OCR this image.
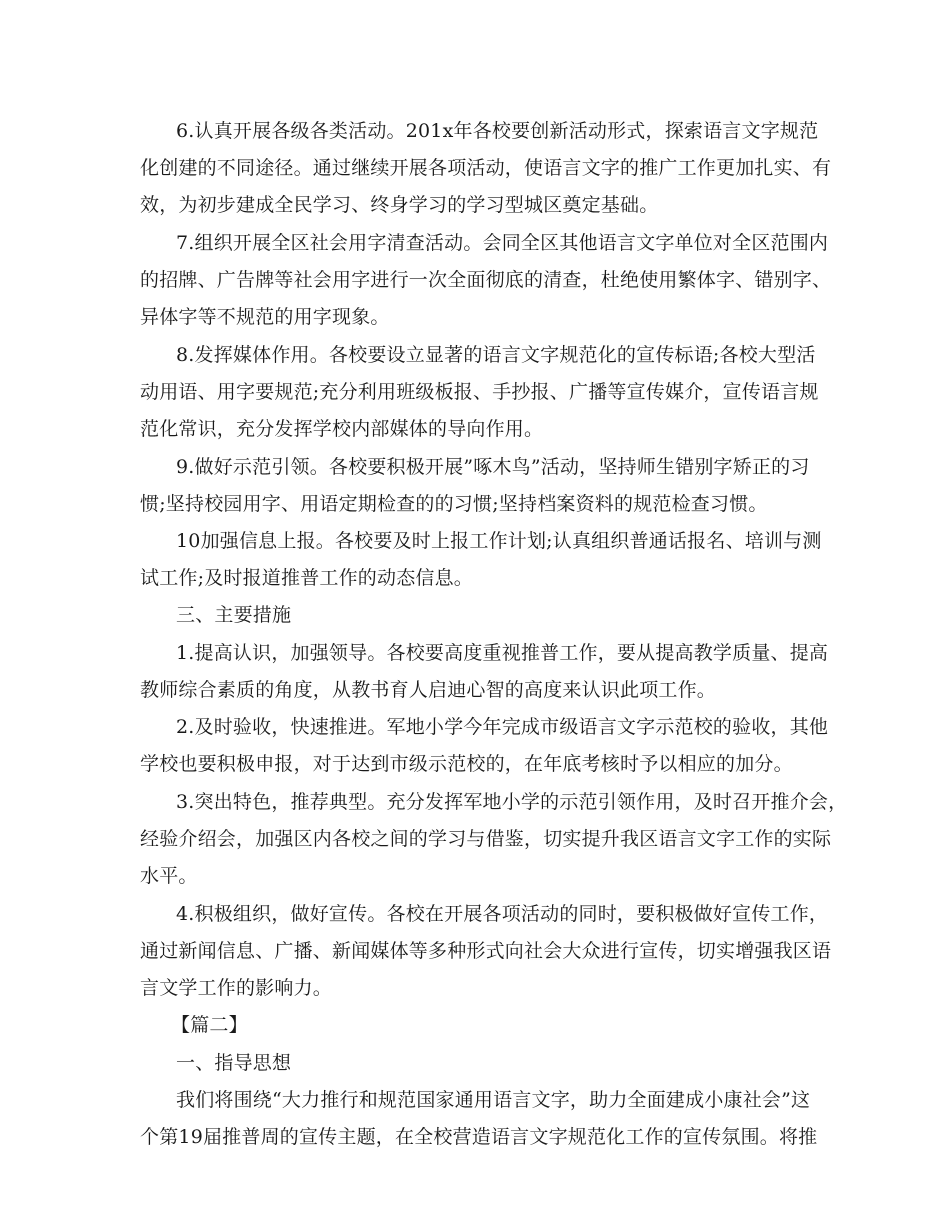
6.认真开展各级各类活动。201x年各校要创新活动形式，探索语言文字规范
化创建的不同途径。通过继续开展各项活动，使语言文字的推广工作更加扎实、有
效，为初步建成全民学习、终身学习的学习型城区奠定基础。
7.组织开展全区社会用字清查活动。会同全区其他语言文字单位对全区范围内
的招牌、广告牌等社会用字进行一次全面彻底的清查，杜绝使用繁体字、错别字、
异体字等不规范的用字现象。
8.发挥媒体作用。各校要设立显著的语言文字规范化的宣传标语;各校大型活
动用语、用字要规范;充分利用班级板报、手抄报、广播等宣传媒介，宣传语言规
范化常识，充分发挥学校内部媒体的导向作用。
9.做好示范引领。各校要积极开展”啄木鸟”活动，坚持师生错别字矫正的习
惯;坚持校园用字、用语定期检查的的习惯;坚持档案资料的规范检查习惯。
10加强信息上报。各校要及时上报工作计划;认真组织普通话报名、培训与测
试工作;及时报道推普工作的动态信息。
三、主要措施
1.提高认识，加强领导。各校要高度重视推普工作，要从提高教学质量、提高
教师综合素质的角度，从教书育人启迪心智的高度来认识此项工作。
2.及时验收，快速推进。军地小学今年完成市级语言文字示范校的验收，其他
学校也要积极申报，对于达到市级示范校的，在年底考核时予以相应的加分。
3.突出特色，推荐典型。充分发挥军地小学的示范引领作用，及时召开推介会，
经验介绍会，加强区内各校之间的学习与借鉴，切实提升我区语言文字工作的实际
水平。
4.积极组织，做好宣传。各校在开展各项活动的同时，要积极做好宣传工作，
通过新闻信息、广播、新闻媒体等多种形式向社会大众进行宣传，切实增强我区语
言文学工作的影响力。
【篇二】
一、指导思想
我们将围绕“大力推行和规范国家通用语言文字，助力全面建成小康社会”这
个第19届推普周的宣传主题，在全校营造语言文字规范化工作的宣传氛围。将推
